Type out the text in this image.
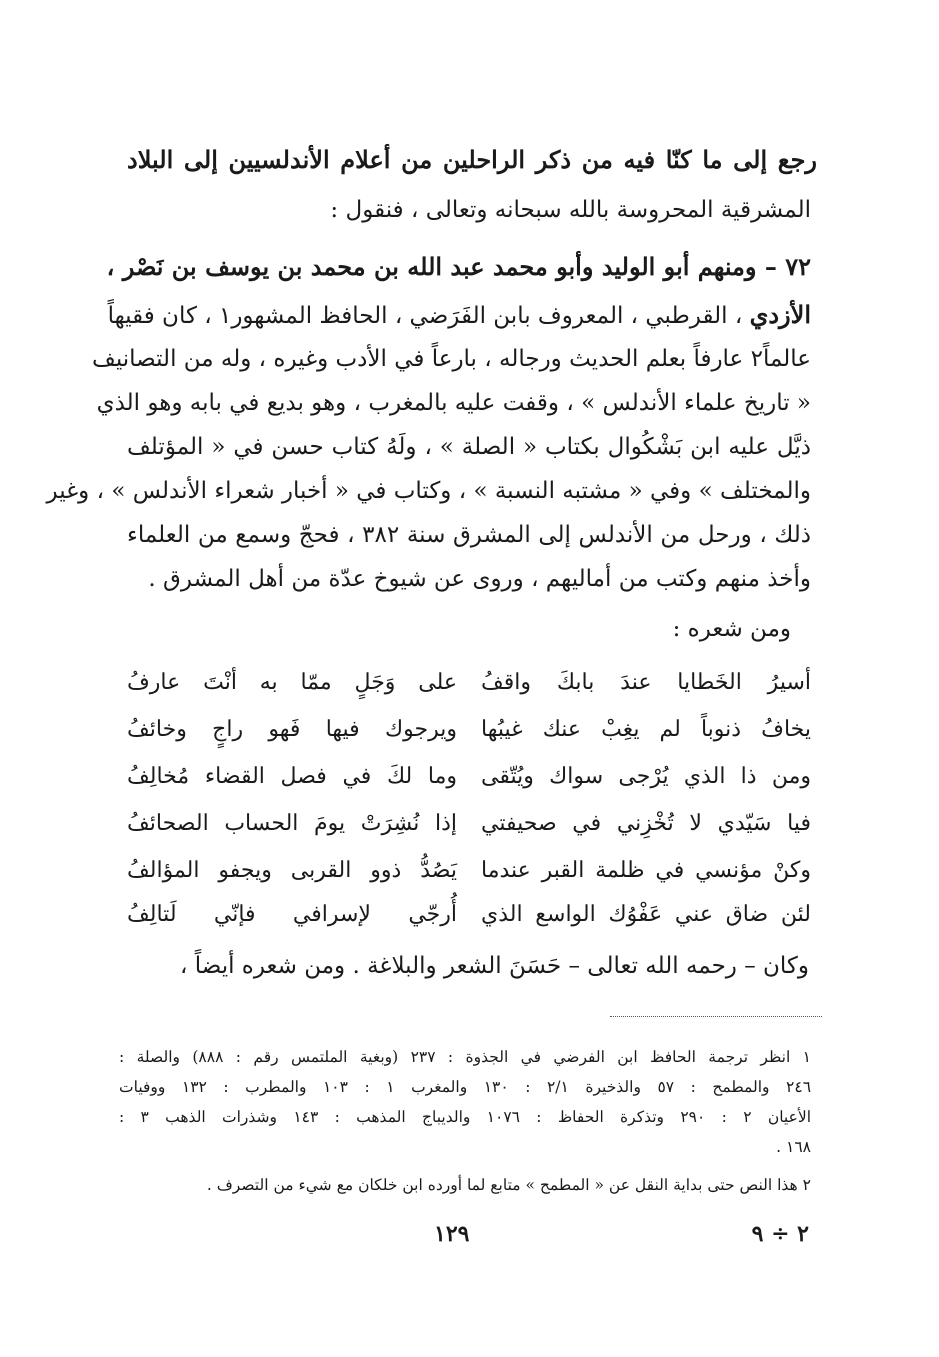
رجع إلى ما كنّا فيه من ذكر الراحلين من أعلام الأندلسيين إلى البلاد
المشرقية المحروسة بالله سبحانه وتعالى ، فنقول :
٧٢ – ومنهم أبو الوليد وأبو محمد عبد الله بن محمد بن يوسف بن نَصْر ،
الأزدي ، القرطبي ، المعروف بابن الفَرَضي ، الحافظ المشهور١ ، كان فقيهاً
عالماً٢ عارفاً بعلم الحديث ورجاله ، بارعاً في الأدب وغيره ، وله من التصانيف
« تاريخ علماء الأندلس » ، وقفت عليه بالمغرب ، وهو بديع في بابه وهو الذي
ذيَّل عليه ابن بَشْكُوال بكتاب « الصلة » ، ولَهُ كتاب حسن في « المؤتلف
والمختلف » وفي « مشتبه النسبة » ، وكتاب في « أخبار شعراء الأندلس » ، وغير
ذلك ، ورحل من الأندلس إلى المشرق سنة ٣٨٢ ، فحجّ وسمع من العلماء
وأخذ منهم وكتب من أماليهم ، وروى عن شيوخ عدّة من أهل المشرق .
ومن شعره :
أسيرُ الخَطايا عندَ بابكَ واقفُ
على وَجَلٍ ممّا به أنْتَ عارفُ
يخافُ ذنوباً لم يغِبْ عنك غيبُها
ويرجوك فيها فَهو راجٍ وخائفُ
ومن ذا الذي يُرْجى سواك ويُتّقى
وما لكَ في فصل القضاء مُخالِفُ
فيا سَيّدي لا تُخْزِني في صحيفتي
إذا نُشِرَتْ يومَ الحساب الصحائفُ
وكنْ مؤنسي في ظلمة القبر عندما
يَصُدُّ ذوو القربى ويجفو المؤالفُ
لئن ضاق عني عَفْوُك الواسع الذي
أُرجّي لإسرافي فإنّي لَتالِفُ
وكان – رحمه الله تعالى – حَسَنَ الشعر والبلاغة . ومن شعره أيضاً ،
١ انظر ترجمة الحافظ ابن الفرضي في الجذوة : ٢٣٧ (وبغية الملتمس رقم : ٨٨٨) والصلة :
٢٤٦ والمطمح : ٥٧ والذخيرة ٢/١ : ١٣٠ والمغرب ١ : ١٠٣ والمطرب : ١٣٢ ووفيات
الأعيان ٢ : ٢٩٠ وتذكرة الحفاظ : ١٠٧٦ والديباج المذهب : ١٤٣ وشذرات الذهب ٣ :
١٦٨ .
٢ هذا النص حتى بداية النقل عن « المطمح » متابع لما أورده ابن خلكان مع شيء من التصرف .
١٢٩	٢ ÷ ٩
